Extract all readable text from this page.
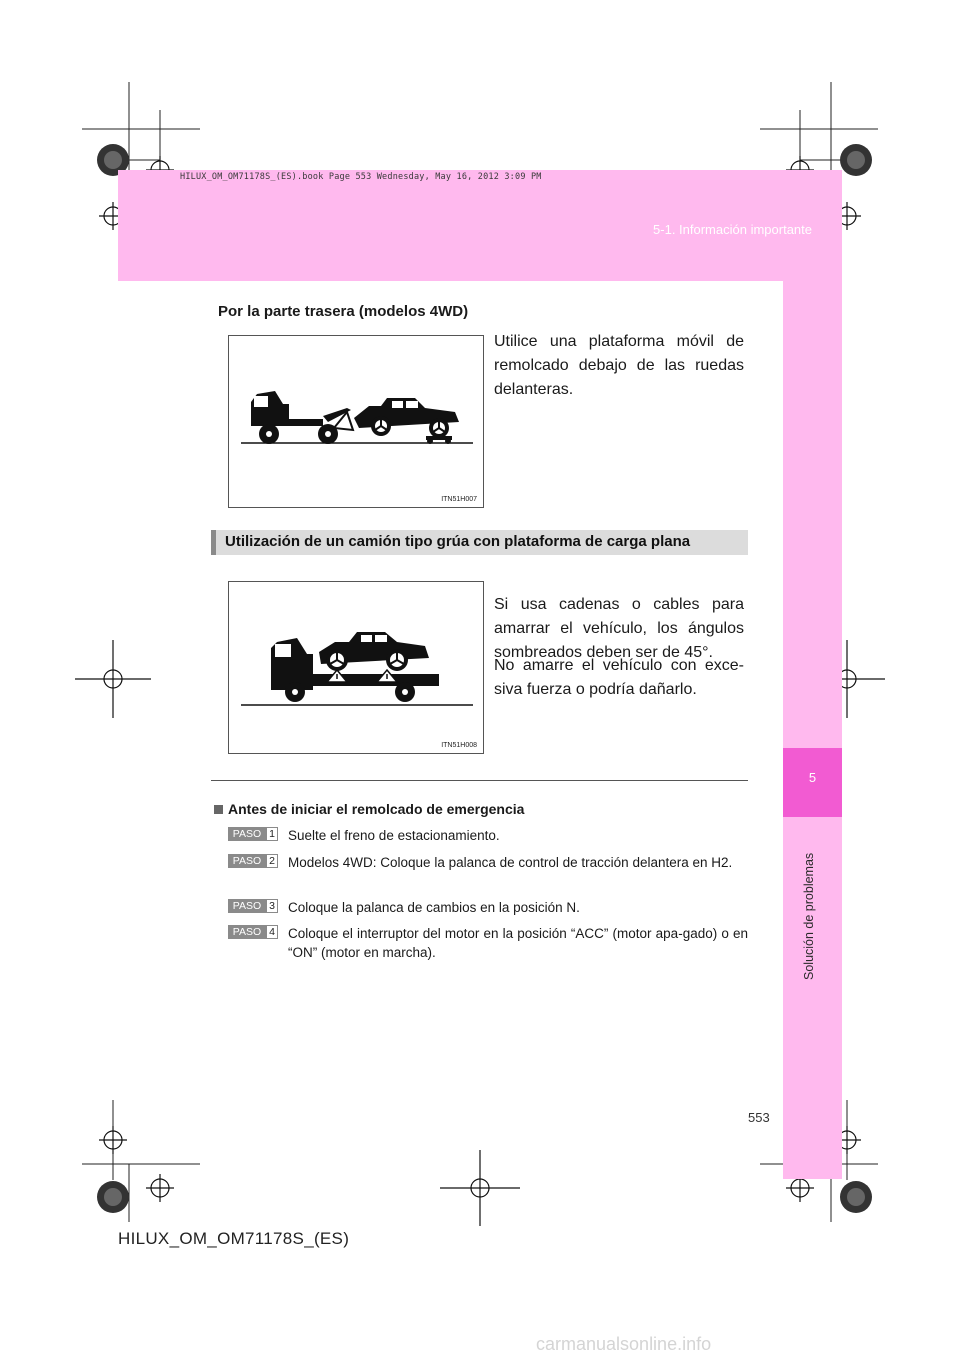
5-1. Información importante
HILUX_OM_OM71178S_(ES).book Page 553 Wednesday, May 16, 2012 3:09 PM
5
Solución de problemas
Por la parte trasera (modelos 4WD)
ITN51H007
Utilice una plataforma móvil de remolcado debajo de las ruedas delanteras.
Utilización de un camión tipo grúa con plataforma de carga plana
ITN51H008
Si usa cadenas o cables para amarrar el vehículo, los ángulos sombreados deben ser de 45°.
No amarre el vehículo con exce-siva fuerza o podría dañarlo.
Antes de iniciar el remolcado de emergencia
PASO 1 Suelte el freno de estacionamiento.
PASO 2 Modelos 4WD: Coloque la palanca de control de tracción delantera en H2.
PASO 3 Coloque la palanca de cambios en la posición N.
PASO 4 Coloque el interruptor del motor en la posición “ACC” (motor apa-gado) o en “ON” (motor en marcha).
553
HILUX_OM_OM71178S_(ES)
carmanualsonline.info
